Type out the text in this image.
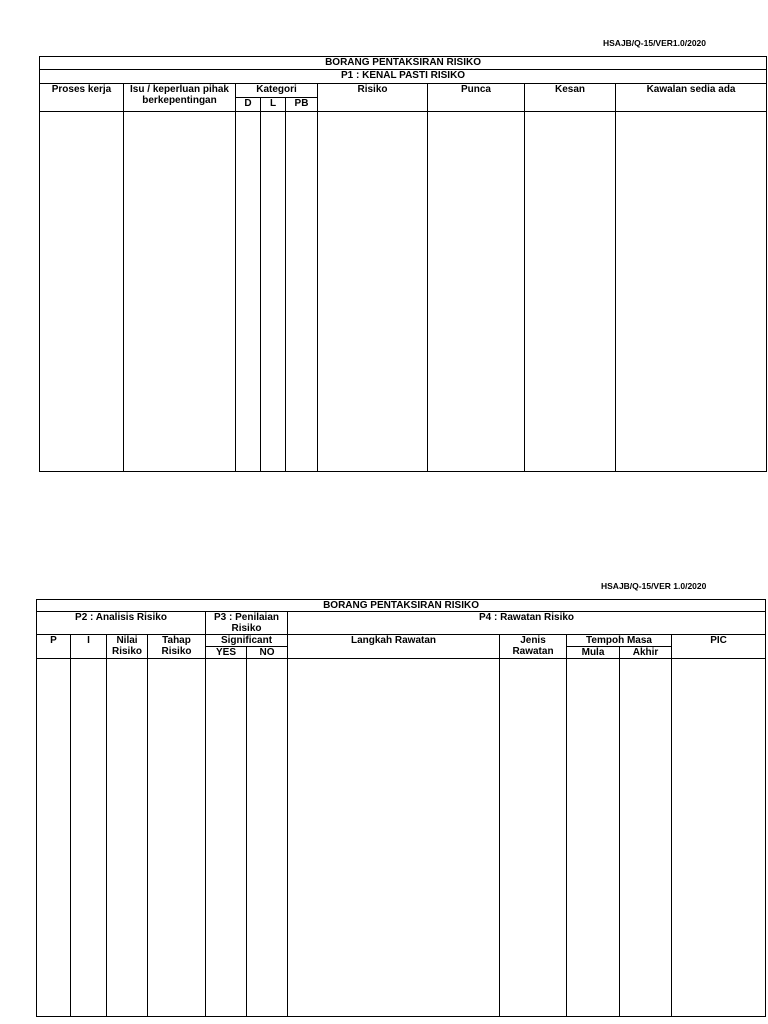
HSAJB/Q-15/VER1.0/2020
BORANG PENTAKSIRAN RISIKO								
P1 : KENAL PASTI RISIKO								
Proses kerja	Isu / keperluan pihak berkepentingan	Kategori			Risiko	Punca	Kesan	Kawalan sedia ada
		D	L	PB				

HSAJB/Q-15/VER 1.0/2020
BORANG PENTAKSIRAN RISIKO										
P2 : Analisis Risiko				P3 : Penilaian Risiko		P4 : Rawatan Risiko				
P	I	Nilai Risiko	Tahap Risiko	Significant		Langkah Rawatan	Jenis Rawatan	Tempoh Masa		PIC
				YES	NO			Mula	Akhir	
